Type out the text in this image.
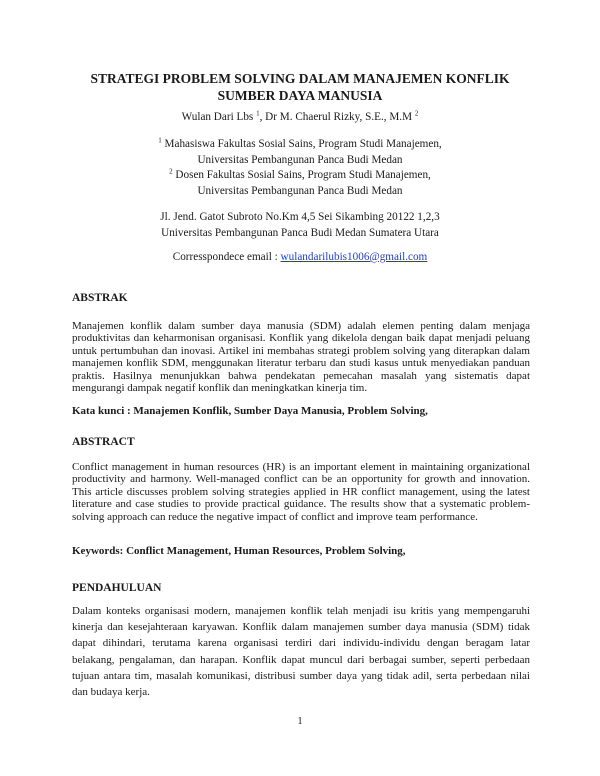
STRATEGI PROBLEM SOLVING DALAM MANAJEMEN KONFLIK
SUMBER DAYA MANUSIA
Wulan Dari Lbs $^1$, Dr M. Chaerul Rizky, S.E., M.M $^2$
$^1$ Mahasiswa Fakultas Sosial Sains, Program Studi Manajemen,
Universitas Pembangunan Panca Budi Medan
$^2$ Dosen Fakultas Sosial Sains, Program Studi Manajemen,
Universitas Pembangunan Panca Budi Medan
Jl. Jend. Gatot Subroto No.Km 4,5 Sei Sikambing 20122 1,2,3
Universitas Pembangunan Panca Budi Medan Sumatera Utara
Corresspondece email : wulandarilubis1006@gmail.com
ABSTRAK
Manajemen konflik dalam sumber daya manusia (SDM) adalah elemen penting dalam menjaga produktivitas dan keharmonisan organisasi. Konflik yang dikelola dengan baik dapat menjadi peluang untuk pertumbuhan dan inovasi. Artikel ini membahas strategi problem solving yang diterapkan dalam manajemen konflik SDM, menggunakan literatur terbaru dan studi kasus untuk menyediakan panduan praktis. Hasilnya menunjukkan bahwa pendekatan pemecahan masalah yang sistematis dapat mengurangi dampak negatif konflik dan meningkatkan kinerja tim.
Kata kunci : Manajemen Konflik, Sumber Daya Manusia, Problem Solving,
ABSTRACT
Conflict management in human resources (HR) is an important element in maintaining organizational productivity and harmony. Well-managed conflict can be an opportunity for growth and innovation. This article discusses problem solving strategies applied in HR conflict management, using the latest literature and case studies to provide practical guidance. The results show that a systematic problem-solving approach can reduce the negative impact of conflict and improve team performance.
Keywords: Conflict Management, Human Resources, Problem Solving,
PENDAHULUAN
Dalam konteks organisasi modern, manajemen konflik telah menjadi isu kritis yang mempengaruhi kinerja dan kesejahteraan karyawan. Konflik dalam manajemen sumber daya manusia (SDM) tidak dapat dihindari, terutama karena organisasi terdiri dari individu-individu dengan beragam latar belakang, pengalaman, dan harapan. Konflik dapat muncul dari berbagai sumber, seperti perbedaan tujuan antara tim, masalah komunikasi, distribusi sumber daya yang tidak adil, serta perbedaan nilai dan budaya kerja.
1
